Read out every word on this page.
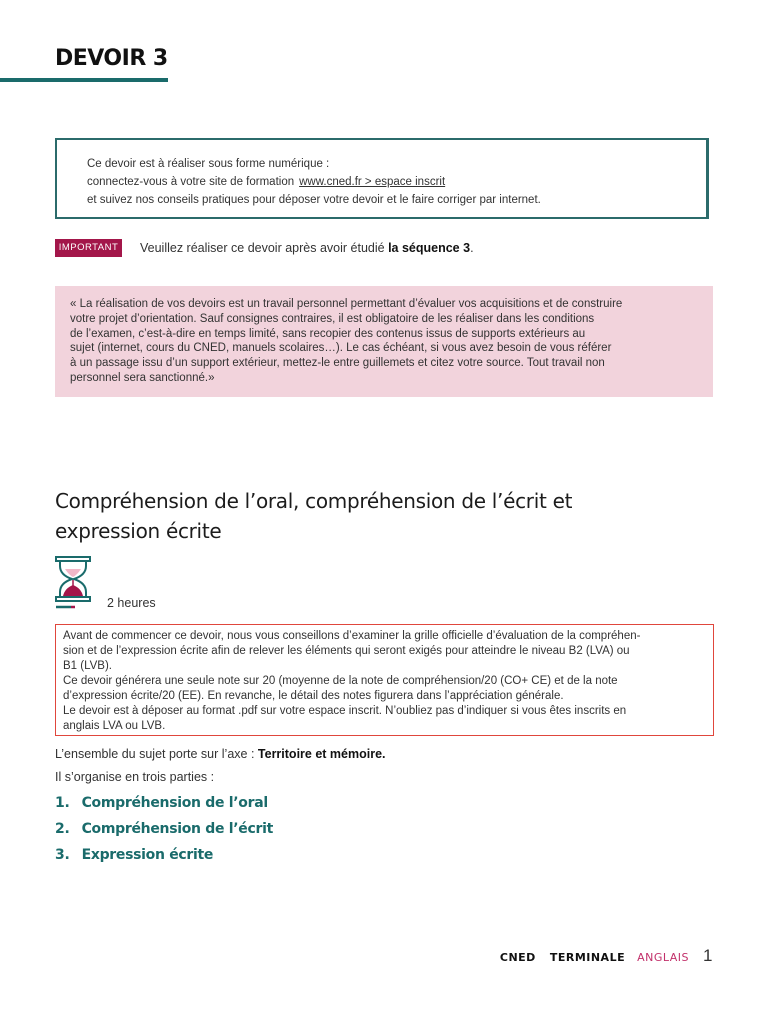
DEVOIR 3
Ce devoir est à réaliser sous forme numérique :
connectez-vous à votre site de formation www.cned.fr > espace inscrit
et suivez nos conseils pratiques pour déposer votre devoir et le faire corriger par internet.
IMPORTANT Veuillez réaliser ce devoir après avoir étudié la séquence 3.
« La réalisation de vos devoirs est un travail personnel permettant d’évaluer vos acquisitions et de construire
votre projet d’orientation. Sauf consignes contraires, il est obligatoire de les réaliser dans les conditions
de l’examen, c’est-à-dire en temps limité, sans recopier des contenus issus de supports extérieurs au
sujet (internet, cours du CNED, manuels scolaires…). Le cas échéant, si vous avez besoin de vous référer
à un passage issu d’un support extérieur, mettez-le entre guillemets et citez votre source. Tout travail non
personnel sera sanctionné.»
Compréhension de l’oral, compréhension de l’écrit et
expression écrite
2 heures
Avant de commencer ce devoir, nous vous conseillons d’examiner la grille officielle d’évaluation de la compréhen-
sion et de l’expression écrite afin de relever les éléments qui seront exigés pour atteindre le niveau B2 (LVA) ou
B1 (LVB).
Ce devoir générera une seule note sur 20 (moyenne de la note de compréhension/20 (CO+ CE) et de la note
d’expression écrite/20 (EE). En revanche, le détail des notes figurera dans l’appréciation générale.
Le devoir est à déposer au format .pdf sur votre espace inscrit. N’oubliez pas d’indiquer si vous êtes inscrits en
anglais LVA ou LVB.
L’ensemble du sujet porte sur l’axe : Territoire et mémoire.
Il s’organise en trois parties :
1. Compréhension de l’oral
2. Compréhension de l’écrit
3. Expression écrite
CNED TERMINALE ANGLAIS 1
